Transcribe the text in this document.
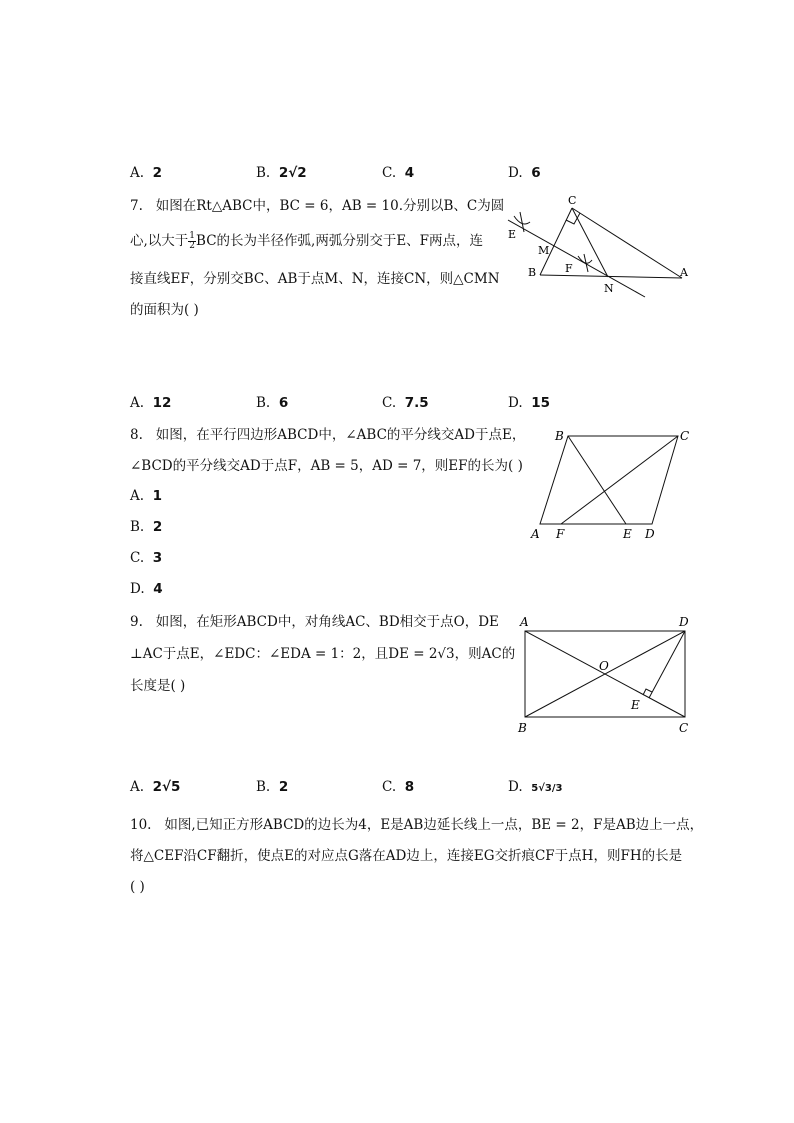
A. 2	B. 2√2	C. 4	D. 6
7. 如图在Rt△ABC中，BC = 6，AB = 10.分别以B、C为圆
心,以大于 $\frac{1}{2}$ BC的长为半径作弧,两弧分别交于E、F两点，连
接直线EF，分别交BC、AB于点M、N，连接CN，则△CMN
的面积为( )
C
E
M
B	F
N
A
A. 12	B. 6	C. 7.5	D. 15
8. 如图，在平行四边形ABCD中，∠ABC的平分线交AD于点E，
∠BCD的平分线交AD于点F，AB = 5，AD = 7，则EF的长为( )
A. 1
B. 2
C. 3
D. 4
B	C
A F	E D
9. 如图，在矩形ABCD中，对角线AC、BD相交于点O，DE
⊥AC于点E，∠EDC：∠EDA = 1：2，且DE = 2√3，则AC的
长度是( )
A	D
O
E
B	C
A. 2√5	B. 2	C. 8	D. 5√3/3
10. 如图,已知正方形ABCD的边长为4，E是AB边延长线上一点，BE = 2，F是AB边上一点，
将△CEF沿CF翻折，使点E的对应点G落在AD边上，连接EG交折痕CF于点H，则FH的长是
( )
